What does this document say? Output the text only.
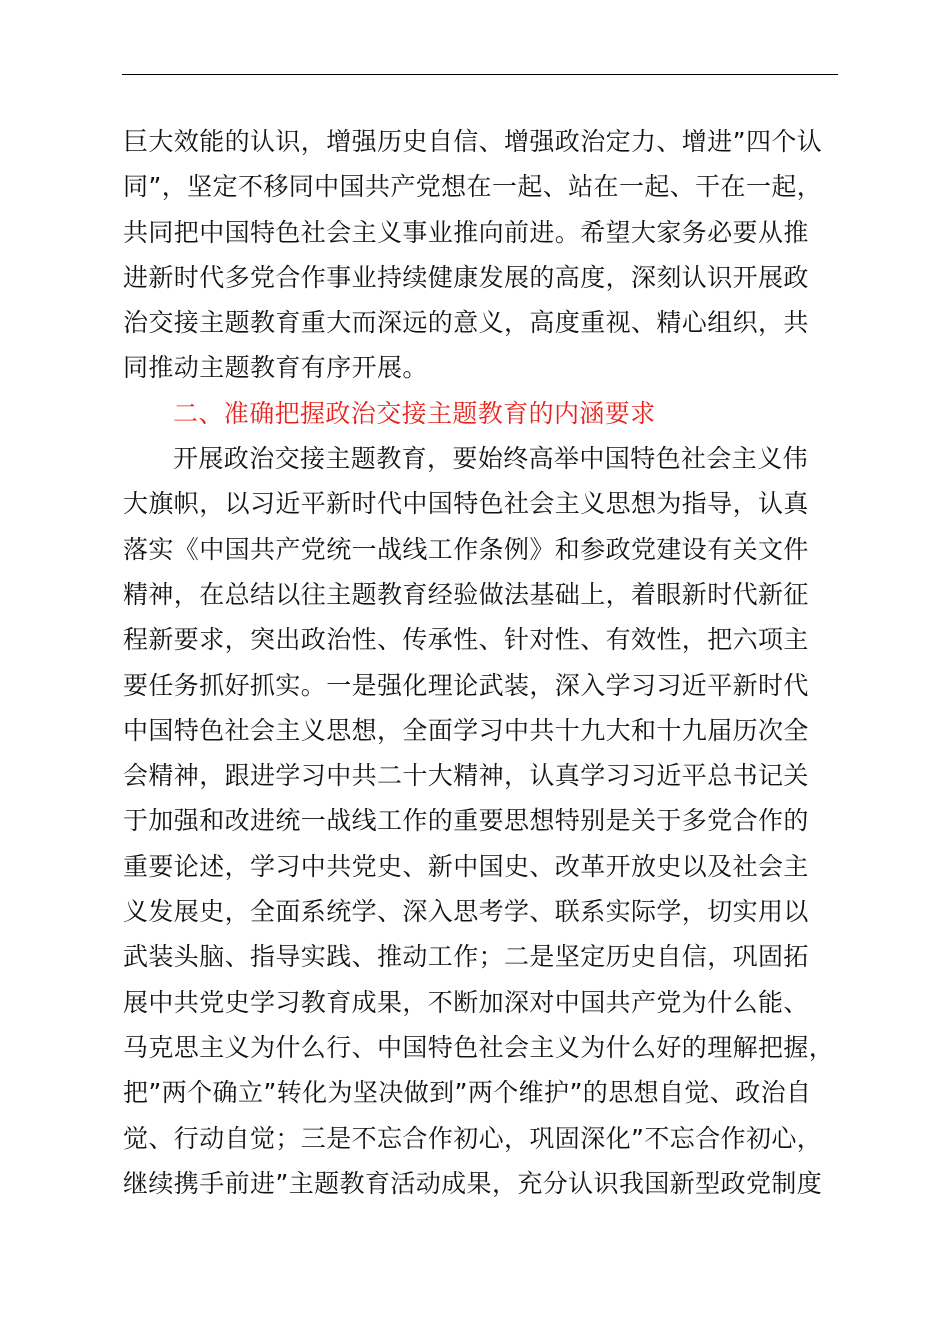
巨大效能的认识，增强历史自信、增强政治定力、增进”四个认
同”，坚定不移同中国共产党想在一起、站在一起、干在一起，
共同把中国特色社会主义事业推向前进。希望大家务必要从推
进新时代多党合作事业持续健康发展的高度，深刻认识开展政
治交接主题教育重大而深远的意义，高度重视、精心组织，共
同推动主题教育有序开展。
二、准确把握政治交接主题教育的内涵要求
开展政治交接主题教育，要始终高举中国特色社会主义伟
大旗帜，以习近平新时代中国特色社会主义思想为指导，认真
落实《中国共产党统一战线工作条例》和参政党建设有关文件
精神，在总结以往主题教育经验做法基础上，着眼新时代新征
程新要求，突出政治性、传承性、针对性、有效性，把六项主
要任务抓好抓实。一是强化理论武装，深入学习习近平新时代
中国特色社会主义思想，全面学习中共十九大和十九届历次全
会精神，跟进学习中共二十大精神，认真学习习近平总书记关
于加强和改进统一战线工作的重要思想特别是关于多党合作的
重要论述，学习中共党史、新中国史、改革开放史以及社会主
义发展史，全面系统学、深入思考学、联系实际学，切实用以
武装头脑、指导实践、推动工作；二是坚定历史自信，巩固拓
展中共党史学习教育成果，不断加深对中国共产党为什么能、
马克思主义为什么行、中国特色社会主义为什么好的理解把握，
把”两个确立”转化为坚决做到”两个维护”的思想自觉、政治自
觉、行动自觉；三是不忘合作初心，巩固深化”不忘合作初心，
继续携手前进”主题教育活动成果，充分认识我国新型政党制度
